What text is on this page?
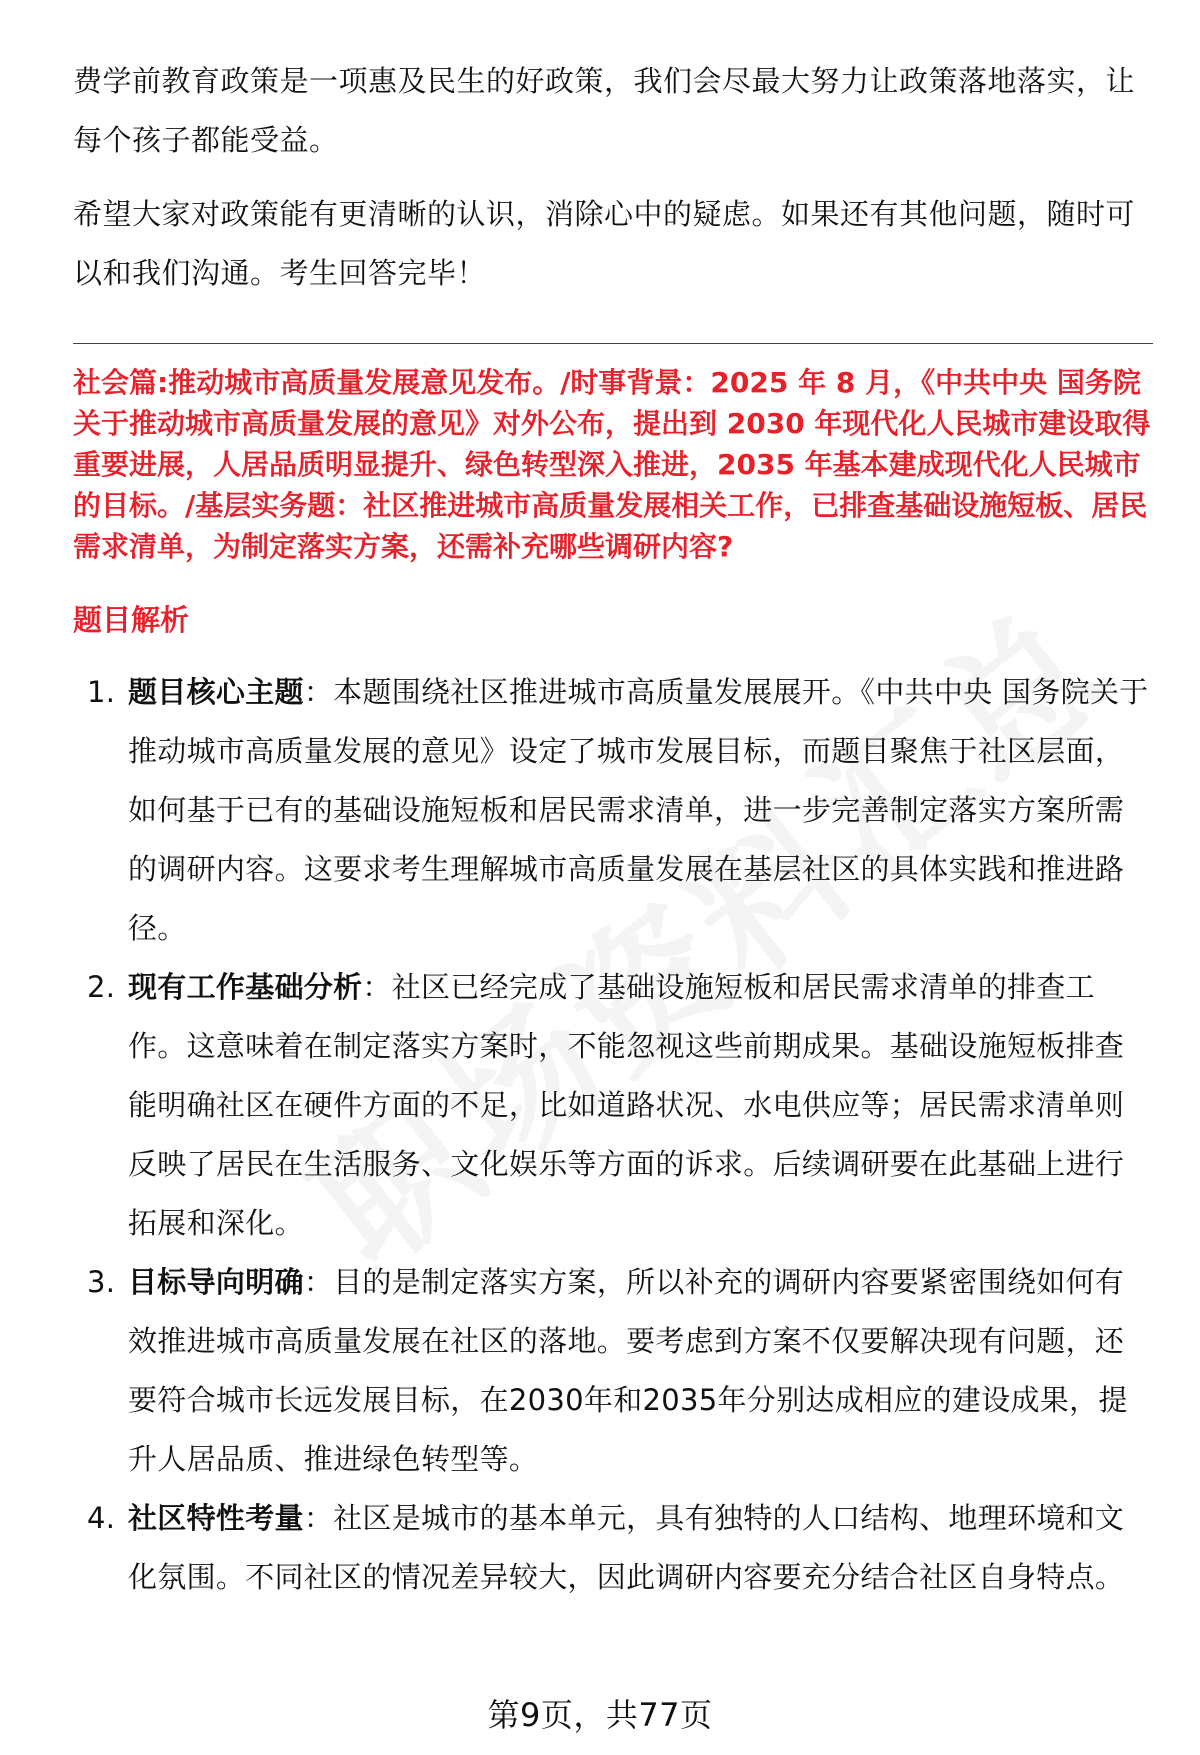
费学前教育政策是一项惠及民生的好政策，我们会尽最大努力让政策落地落实，让每个孩子都能受益。

希望大家对政策能有更清晰的认识，消除心中的疑虑。如果还有其他问题，随时可以和我们沟通。考生回答完毕！

社会篇:推动城市高质量发展意见发布。/时事背景：2025 年 8 月，《中共中央 国务院关于推动城市高质量发展的意见》对外公布，提出到 2030 年现代化人民城市建设取得重要进展，人居品质明显提升、绿色转型深入推进，2035 年基本建成现代化人民城市的目标。/基层实务题：社区推进城市高质量发展相关工作，已排查基础设施短板、居民需求清单，为制定落实方案，还需补充哪些调研内容?

题目解析
1. 题目核心主题：本题围绕社区推进城市高质量发展展开。《中共中央 国务院关于推动城市高质量发展的意见》设定了城市发展目标，而题目聚焦于社区层面，如何基于已有的基础设施短板和居民需求清单，进一步完善制定落实方案所需的调研内容。这要求考生理解城市高质量发展在基层社区的具体实践和推进路径。
2. 现有工作基础分析：社区已经完成了基础设施短板和居民需求清单的排查工作。这意味着在制定落实方案时，不能忽视这些前期成果。基础设施短板排查能明确社区在硬件方面的不足，比如道路状况、水电供应等；居民需求清单则反映了居民在生活服务、文化娱乐等方面的诉求。后续调研要在此基础上进行拓展和深化。
3. 目标导向明确：目的是制定落实方案，所以补充的调研内容要紧密围绕如何有效推进城市高质量发展在社区的落地。要考虑到方案不仅要解决现有问题，还要符合城市长远发展目标，在2030年和2035年分别达成相应的建设成果，提升人居品质、推进绿色转型等。
4. 社区特性考量：社区是城市的基本单元，具有独特的人口结构、地理环境和文化氛围。不同社区的情况差异较大，因此调研内容要充分结合社区自身特点。
第9页，共77页
